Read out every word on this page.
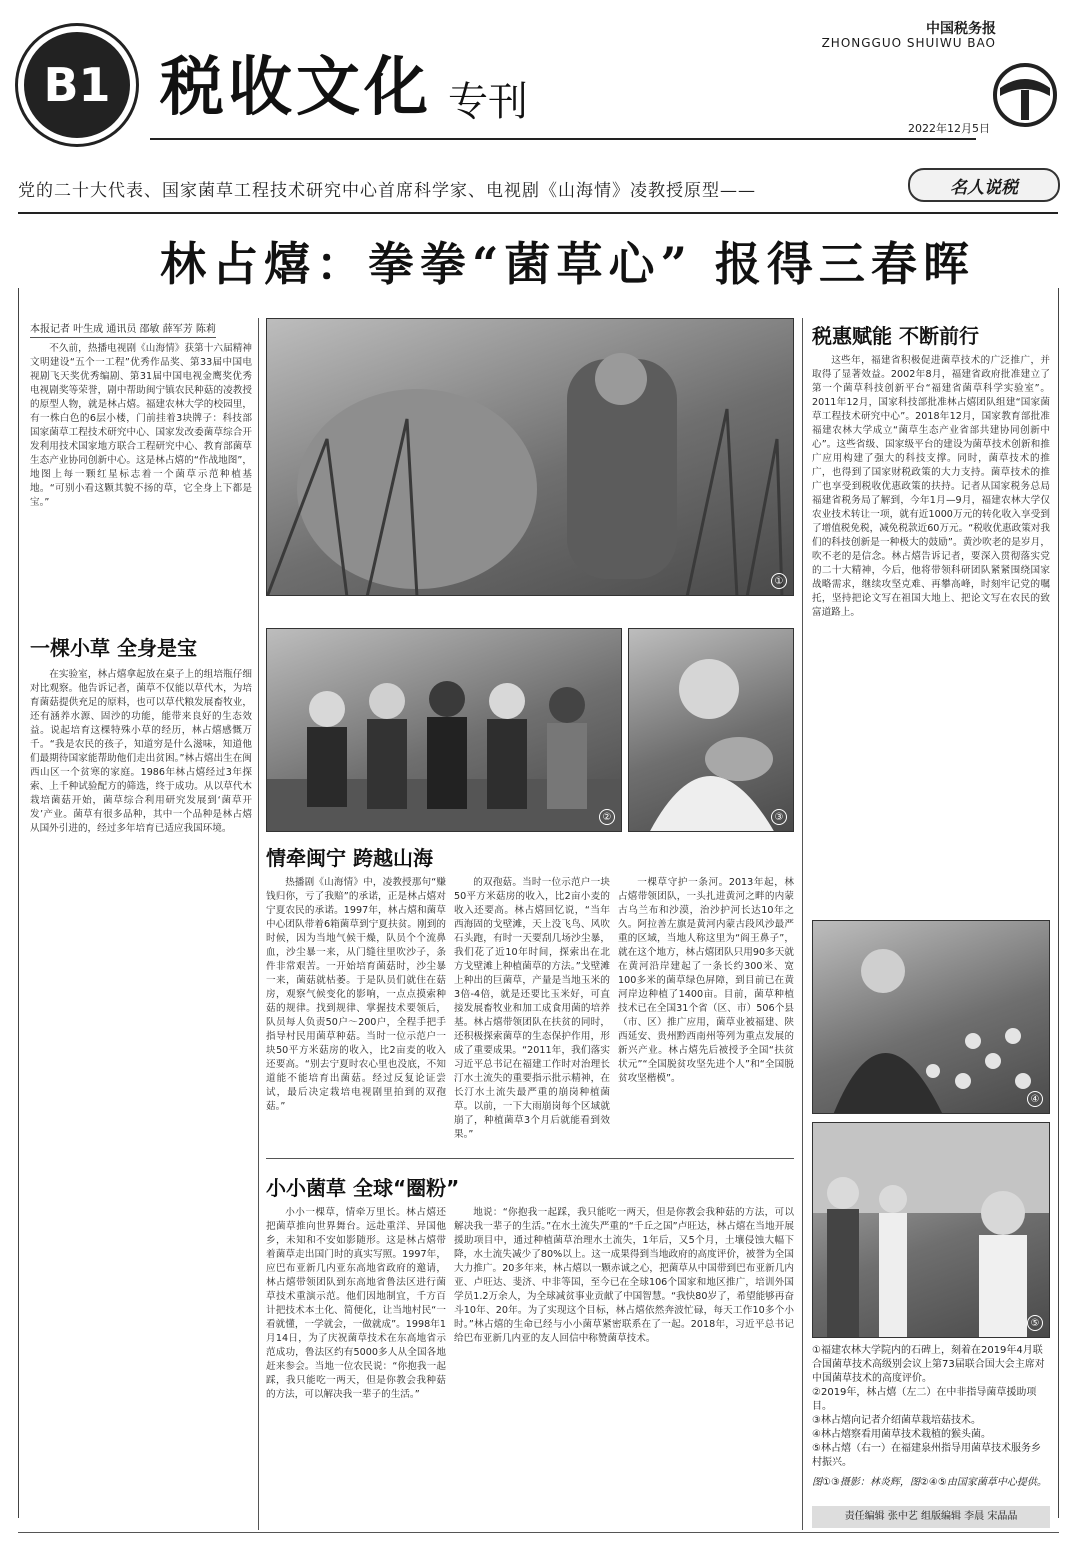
B1 税收文化 专刊
中国税务报
ZHONGGUO SHUIWU BAO
2022年12月5日
党的二十大代表、国家菌草工程技术研究中心首席科学家、电视剧《山海情》凌教授原型——	名人说税
林占熺：拳拳“菌草心” 报得三春晖
本报记者 叶生成 通讯员 邵敏 薛军芳 陈莉
不久前，热播电视剧《山海情》获第十六届精神文明建设“五个一工程”优秀作品奖、第33届中国电视剧飞天奖优秀编剧、第31届中国电视金鹰奖优秀电视剧奖等荣誉，剧中帮助闽宁镇农民种菇的凌教授的原型人物，就是林占熺。福建农林大学的校园里，有一株白色的6层小楼，门前挂着3块牌子：科技部国家菌草工程技术研究中心、国家发改委菌草综合开发利用技术国家地方联合工程研究中心、教育部菌草生态产业协同创新中心。这是林占熺的“作战地图”，地图上每一颗红星标志着一个菌草示范种植基地。“可别小看这颗其貌不扬的草，它全身上下都是宝。”
一棵小草 全身是宝
在实验室，林占熺拿起放在桌子上的组培瓶仔细对比观察。他告诉记者，菌草不仅能以草代木，为培育菌菇提供充足的原料，也可以草代粮发展畜牧业，还有涵养水源、固沙的功能，能带来良好的生态效益。说起培育这棵特殊小草的经历，林占熺感慨万千。“我是农民的孩子，知道穷是什么滋味，知道他们最期待国家能帮助他们走出贫困。”林占熺出生在闽西山区一个贫寒的家庭。1986年林占熺经过3年探索、上千种试验配方的筛选，终于成功。从以草代木栽培菌菇开始，菌草综合利用研究发展到‘菌草开发’产业。菌草有很多品种，其中一个品种是林占熺从国外引进的，经过多年培育已适应我国环境。
①
②	③
情牵闽宁 跨越山海
热播剧《山海情》中，凌教授那句“赚钱归你，亏了我赔”的承诺，正是林占熺对宁夏农民的承诺。1997年，林占熺和菌草中心团队带着6箱菌草到宁夏扶贫。刚到的时候，因为当地气候干燥，队员个个流鼻血，沙尘暴一来，从门缝往里吹沙子，条件非常艰苦。一开始培育菌菇时，沙尘暴一来，菌菇就枯萎。于是队员们就住在菇房，观察气候变化的影响，一点点摸索种菇的规律。找到规律、掌握技术要领后，队员每人负责50户～200户，全程手把手指导村民用菌草种菇。当时一位示范户一块50平方米菇房的收入，比2亩麦的收入还要高。“别去宁夏时农心里也没底，不知道能不能培育出菌菇。经过反复论证尝试，最后决定栽培电视剧里拍到的双孢菇。”
的双孢菇。当时一位示范户一块50平方米菇房的收入，比2亩小麦的收入还要高。林占熺回忆说，“当年西海固的戈壁滩，天上没飞鸟、风吹石头跑，有时一天要刮几场沙尘暴，我们花了近10年时间，探索出在北方戈壁滩上种植菌草的方法。”戈壁滩上种出的巨菌草，产量是当地玉米的3倍-4倍，就是还要比玉米好，可直接发展畜牧业和加工成食用菌的培养基。林占熺带领团队在扶贫的同时，还积极探索菌草的生态保护作用，形成了重要成果。“2011年，我们落实习近平总书记在福建工作时对治理长汀水土流失的重要指示批示精神，在长汀水土流失最严重的崩岗种植菌草。以前，一下大雨崩岗每个区域就崩了，种植菌草3个月后就能看到效果。”
一棵草守护一条河。2013年起，林占熺带领团队，一头扎进黄河之畔的内蒙古乌兰布和沙漠，治沙护河长达10年之久。阿拉善左旗是黄河内蒙古段风沙最严重的区域，当地人称这里为“阎王鼻子”，就在这个地方，林占熺团队只用90多天就在黄河沿岸建起了一条长约300米、宽100多米的菌草绿色屏障，到目前已在黄河岸边种植了1400亩。目前，菌草种植技术已在全国31个省（区、市）506个县（市、区）推广应用，菌草业被福建、陕西延安、贵州黔西南州等列为重点发展的新兴产业。林占熺先后被授予全国“扶贫状元”“全国脱贫攻坚先进个人”和“全国脱贫攻坚楷模”。
小小菌草 全球“圈粉”
小小一棵草，情牵万里长。林占熺还把菌草推向世界舞台。远赴重洋、异国他乡，未知和不安如影随形。这是林占熺带着菌草走出国门时的真实写照。1997年，应巴布亚新几内亚东高地省政府的邀请，林占熺带领团队到东高地省鲁法区进行菌草技术重演示范。他们因地制宜，千方百计把技术本土化、简便化，让当地村民“一看就懂，一学就会，一做就成”。1998年1月14日，为了庆祝菌草技术在东高地省示范成功，鲁法区约有5000多人从全国各地赶来参会。当地一位农民说：“你抱我一起踩，我只能吃一两天，但是你教会我种菇的方法，可以解决我一辈子的生活。”
地说：“你抱我一起踩，我只能吃一两天，但是你教会我种菇的方法，可以解决我一辈子的生活。”在水土流失严重的“千丘之国”卢旺达，林占熺在当地开展援助项目中，通过种植菌草治理水土流失，1年后，又5个月，土壤侵蚀大幅下降，水土流失减少了80%以上。这一成果得到当地政府的高度评价，被誉为全国大力推广。20多年来，林占熺以一颗赤诚之心，把菌草从中国带到巴布亚新几内亚、卢旺达、斐济、中非等国，至今已在全球106个国家和地区推广，培训外国学员1.2万余人，为全球减贫事业贡献了中国智慧。“我快80岁了，希望能够再奋斗10年、20年。为了实现这个目标，林占熺依然奔波忙碌，每天工作10多个小时。”林占熺的生命已经与小小菌草紧密联系在了一起。2018年，习近平总书记给巴布亚新几内亚的友人回信中称赞菌草技术。
税惠赋能 不断前行
这些年，福建省积极促进菌草技术的广泛推广，并取得了显著效益。2002年8月，福建省政府批准建立了第一个菌草科技创新平台“福建省菌草科学实验室”。2011年12月，国家科技部批准林占熺团队组建“国家菌草工程技术研究中心”。2018年12月，国家教育部批准福建农林大学成立“菌草生态产业省部共建协同创新中心”。这些省级、国家级平台的建设为菌草技术创新和推广应用构建了强大的科技支撑。同时，菌草技术的推广，也得到了国家财税政策的大力支持。菌草技术的推广也享受到税收优惠政策的扶持。记者从国家税务总局福建省税务局了解到，今年1月—9月，福建农林大学仅农业技术转让一项，就有近1000万元的转化收入享受到了增值税免税，减免税款近60万元。“税收优惠政策对我们的科技创新是一种极大的鼓励”。黄沙吹老的是岁月，吹不老的是信念。林占熺告诉记者，要深入贯彻落实党的二十大精神，今后，他将带领科研团队紧紧围绕国家战略需求，继续攻坚克难、再攀高峰，时刻牢记党的嘱托，坚持把论文写在祖国大地上、把论文写在农民的致富道路上。
④
⑤
①福建农林大学院内的石碑上，刻着在2019年4月联合国菌草技术高级别会议上第73届联合国大会主席对中国菌草技术的高度评价。
②2019年，林占熺（左二）在中非指导菌草援助项目。
③林占熺向记者介绍菌草栽培菇技术。
④林占熺察看用菌草技术栽植的猴头菌。
⑤林占熺（右一）在福建泉州指导用菌草技术服务乡村振兴。
图①③摄影：林炎辉，图②④⑤由国家菌草中心提供。
责任编辑 张中艺 组版编辑 李晨 宋晶晶
